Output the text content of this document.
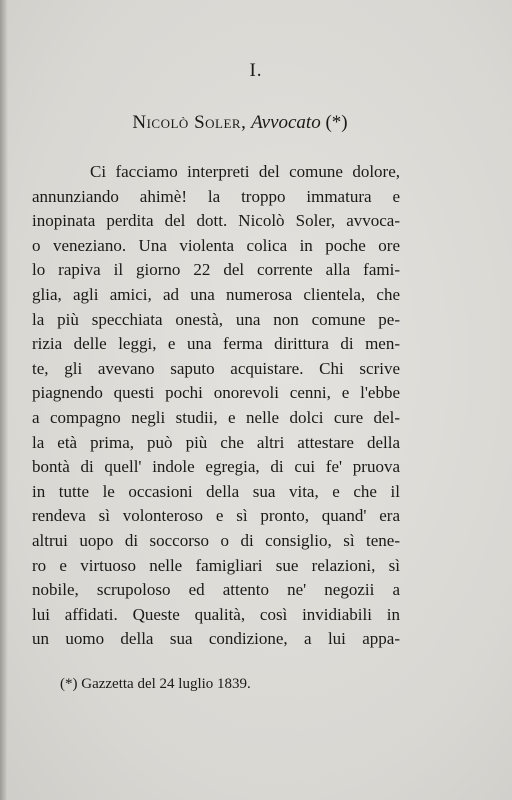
I.
Nicolò Soler, Avvocato (*)
Ci facciamo interpreti del comune dolore,
annunziando ahimè! la troppo immatura e
inopinata perdita del dott. Nicolò Soler, avvoca-
o veneziano. Una violenta colica in poche ore
lo rapiva il giorno 22 del corrente alla fami-
glia, agli amici, ad una numerosa clientela, che
la più specchiata onestà, una non comune pe-
rizia delle leggi, e una ferma dirittura di men-
te, gli avevano saputo acquistare. Chi scrive
piagnendo questi pochi onorevoli cenni, e l'ebbe
a compagno negli studii, e nelle dolci cure del-
la età prima, può più che altri attestare della
bontà di quell' indole egregia, di cui fe' pruova
in tutte le occasioni della sua vita, e che il
rendeva sì volonteroso e sì pronto, quand' era
altrui uopo di soccorso o di consiglio, sì tene-
ro e virtuoso nelle famigliari sue relazioni, sì
nobile, scrupoloso ed attento ne' negozii a
lui affidati. Queste qualità, così invidiabili in
un uomo della sua condizione, a lui appa-
(*) Gazzetta del 24 luglio 1839.
